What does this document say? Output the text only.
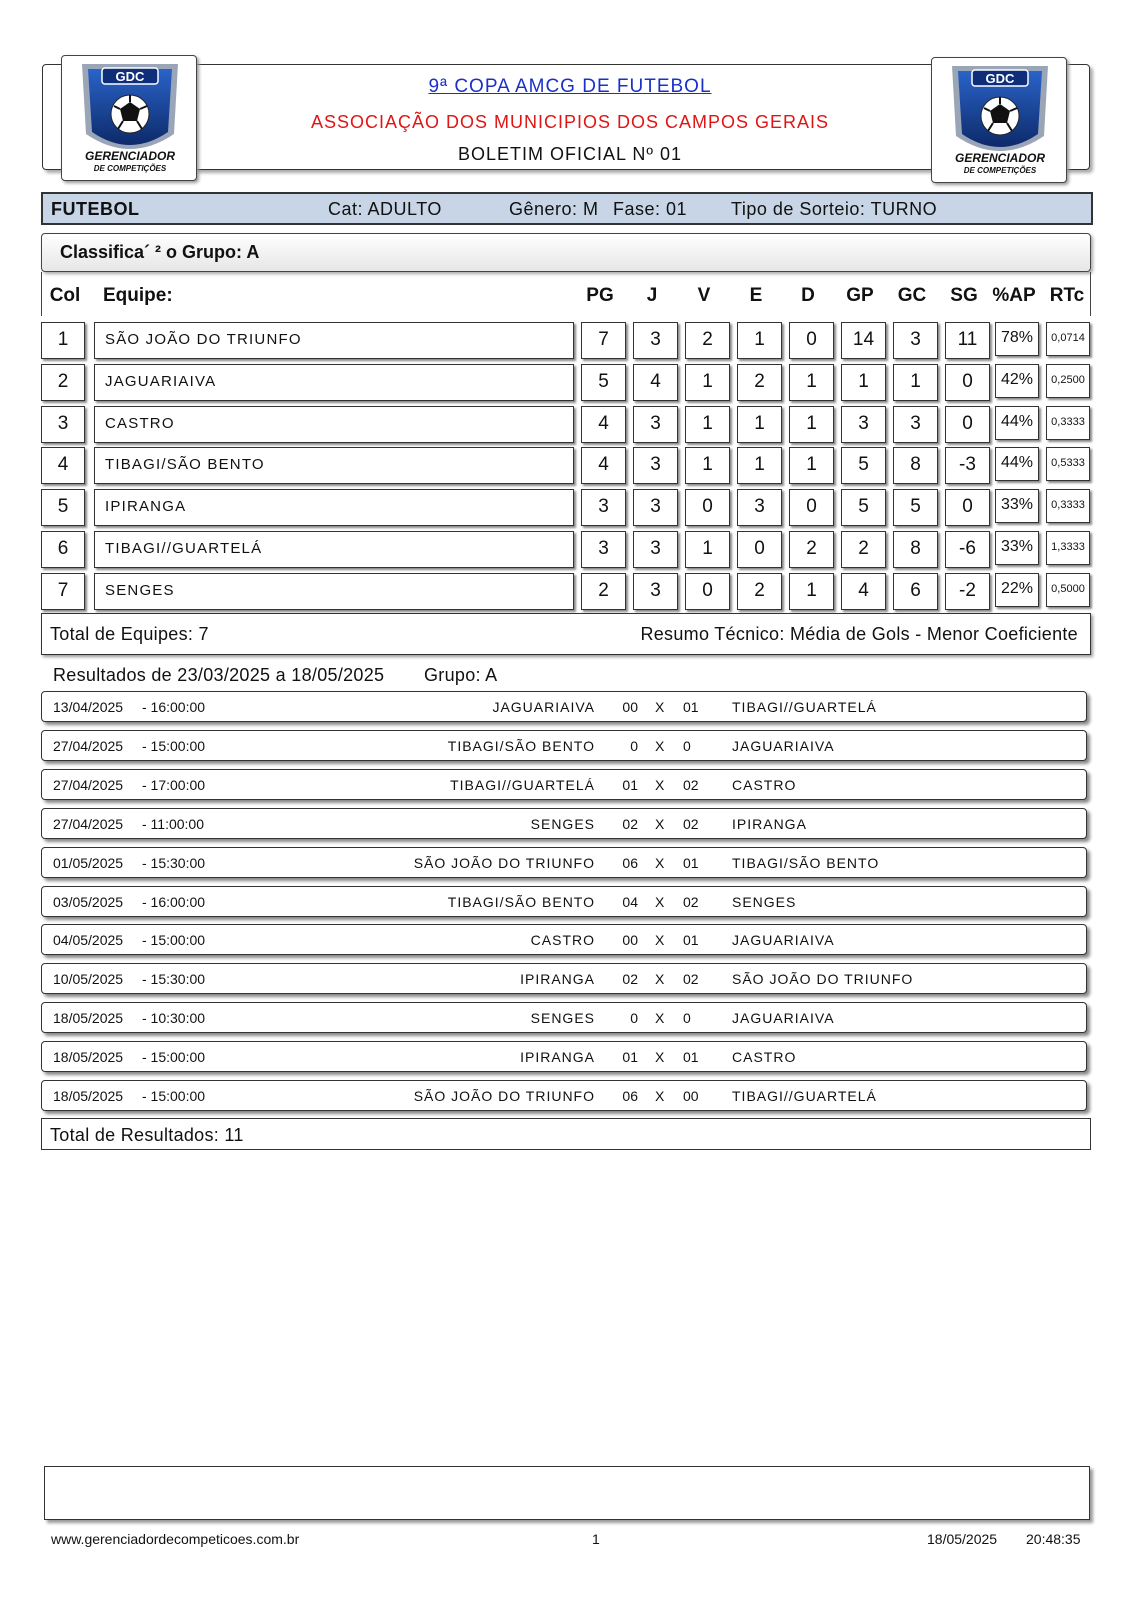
GDC
GERENCIADOR
DE COMPETIÇÕES
GDC
GERENCIADOR
DE COMPETIÇÕES
9ª COPA AMCG DE FUTEBOL
ASSOCIAÇÃO DOS MUNICIPIOS DOS CAMPOS GERAIS
BOLETIM OFICIAL Nº 01
FUTEBOL	Cat: ADULTO	Gênero: M Fase: 01 Tipo de Sorteio: TURNO
Classifica´ ² o Grupo: A
Col Equipe:	PG	J	V	E	D	GP	GC	SG %AP RTc
1	SÃO JOÃO DO TRIUNFO	7	3	2	1	0	14	3	11	78%	0,0714
2	JAGUARIAIVA	5	4	1	2	1	1	1	0	42%	0,2500
3	CASTRO	4	3	1	1	1	3	3	0	44%	0,3333
4	TIBAGI/SÃO BENTO	4	3	1	1	1	5	8	-3	44%	0,5333
5	IPIRANGA	3	3	0	3	0	5	5	0	33%	0,3333
6	TIBAGI//GUARTELÁ	3	3	1	0	2	2	8	-6	33%	1,3333
7	SENGES	2	3	0	2	1	4	6	-2	22%	0,5000
Total de Equipes: 7	Resumo Técnico: Média de Gols - Menor Coeficiente
Resultados de 23/03/2025 a 18/05/2025 Grupo: A
13/04/2025 - 16:00:00	JAGUARIAIVA	00 X 01 TIBAGI//GUARTELÁ
27/04/2025 - 15:00:00	TIBAGI/SÃO BENTO	0 X 0	JAGUARIAIVA
27/04/2025 - 17:00:00	TIBAGI//GUARTELÁ	01 X 02 CASTRO
27/04/2025 - 11:00:00	SENGES	02 X 02 IPIRANGA
01/05/2025 - 15:30:00	SÃO JOÃO DO TRIUNFO	06 X 01 TIBAGI/SÃO BENTO
03/05/2025 - 16:00:00	TIBAGI/SÃO BENTO	04 X 02 SENGES
04/05/2025 - 15:00:00	CASTRO	00 X 01 JAGUARIAIVA
10/05/2025 - 15:30:00	IPIRANGA	02 X 02 SÃO JOÃO DO TRIUNFO
18/05/2025 - 10:30:00	SENGES	0 X 0	JAGUARIAIVA
18/05/2025 - 15:00:00	IPIRANGA	01 X 01 CASTRO
18/05/2025 - 15:00:00	SÃO JOÃO DO TRIUNFO	06 X 00 TIBAGI//GUARTELÁ
Total de Resultados: 11
www.gerenciadordecompeticoes.com.br	1	18/05/2025 20:48:35
